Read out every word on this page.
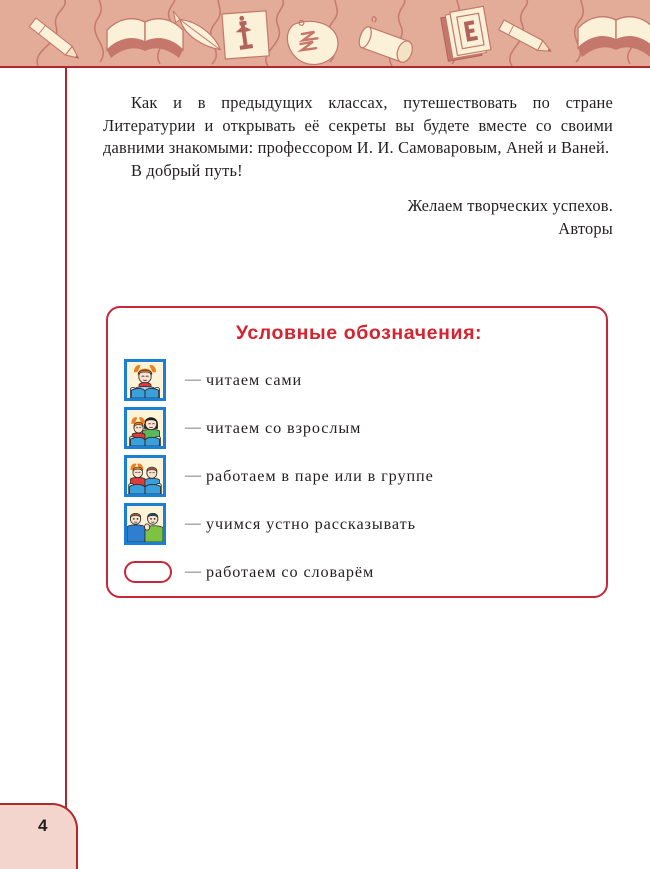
Как и в предыдущих классах, путешествовать по стране Литературии и открывать её секреты вы будете вместе со своими давними знакомыми: профессором И. И. Самоваровым, Аней и Ваней.

В добрый путь!

Желаем творческих успехов.

Авторы

Условные обозначения:
— читаем сами
— читаем со взрослым
— работаем в паре или в группе
— учимся устно рассказывать
— работаем со словарём
4
